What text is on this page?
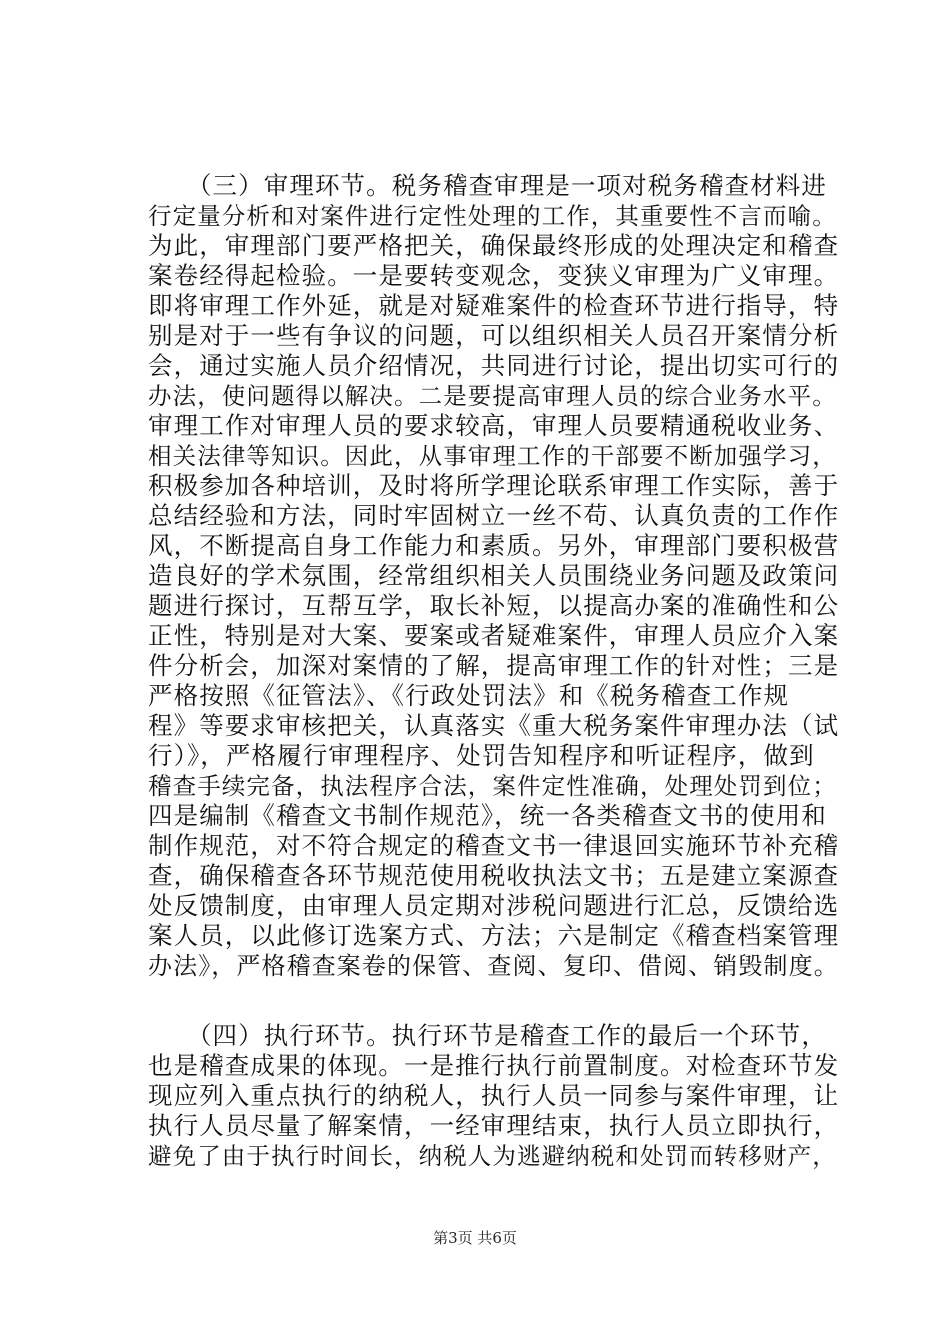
　　（三）审理环节。税务稽查审理是一项对税务稽查材料进
行定量分析和对案件进行定性处理的工作，其重要性不言而喻。
为此，审理部门要严格把关，确保最终形成的处理决定和稽查
案卷经得起检验。一是要转变观念，变狭义审理为广义审理。
即将审理工作外延，就是对疑难案件的检查环节进行指导，特
别是对于一些有争议的问题，可以组织相关人员召开案情分析
会，通过实施人员介绍情况，共同进行讨论，提出切实可行的
办法，使问题得以解决。二是要提高审理人员的综合业务水平。
审理工作对审理人员的要求较高，审理人员要精通税收业务、
相关法律等知识。因此，从事审理工作的干部要不断加强学习，
积极参加各种培训，及时将所学理论联系审理工作实际，善于
总结经验和方法，同时牢固树立一丝不苟、认真负责的工作作
风，不断提高自身工作能力和素质。另外，审理部门要积极营
造良好的学术氛围，经常组织相关人员围绕业务问题及政策问
题进行探讨，互帮互学，取长补短，以提高办案的准确性和公
正性，特别是对大案、要案或者疑难案件，审理人员应介入案
件分析会，加深对案情的了解，提高审理工作的针对性；三是
严格按照《征管法》、《行政处罚法》和《税务稽查工作规
程》等要求审核把关，认真落实《重大税务案件审理办法（试
行）》，严格履行审理程序、处罚告知程序和听证程序，做到
稽查手续完备，执法程序合法，案件定性准确，处理处罚到位；
四是编制《稽查文书制作规范》，统一各类稽查文书的使用和
制作规范，对不符合规定的稽查文书一律退回实施环节补充稽
查，确保稽查各环节规范使用税收执法文书；五是建立案源查
处反馈制度，由审理人员定期对涉税问题进行汇总，反馈给选
案人员，以此修订选案方式、方法；六是制定《稽查档案管理
办法》，严格稽查案卷的保管、查阅、复印、借阅、销毁制度。
　　（四）执行环节。执行环节是稽查工作的最后一个环节，
也是稽查成果的体现。一是推行执行前置制度。对检查环节发
现应列入重点执行的纳税人，执行人员一同参与案件审理，让
执行人员尽量了解案情，一经审理结束，执行人员立即执行，
避免了由于执行时间长，纳税人为逃避纳税和处罚而转移财产，
第3页 共6页
